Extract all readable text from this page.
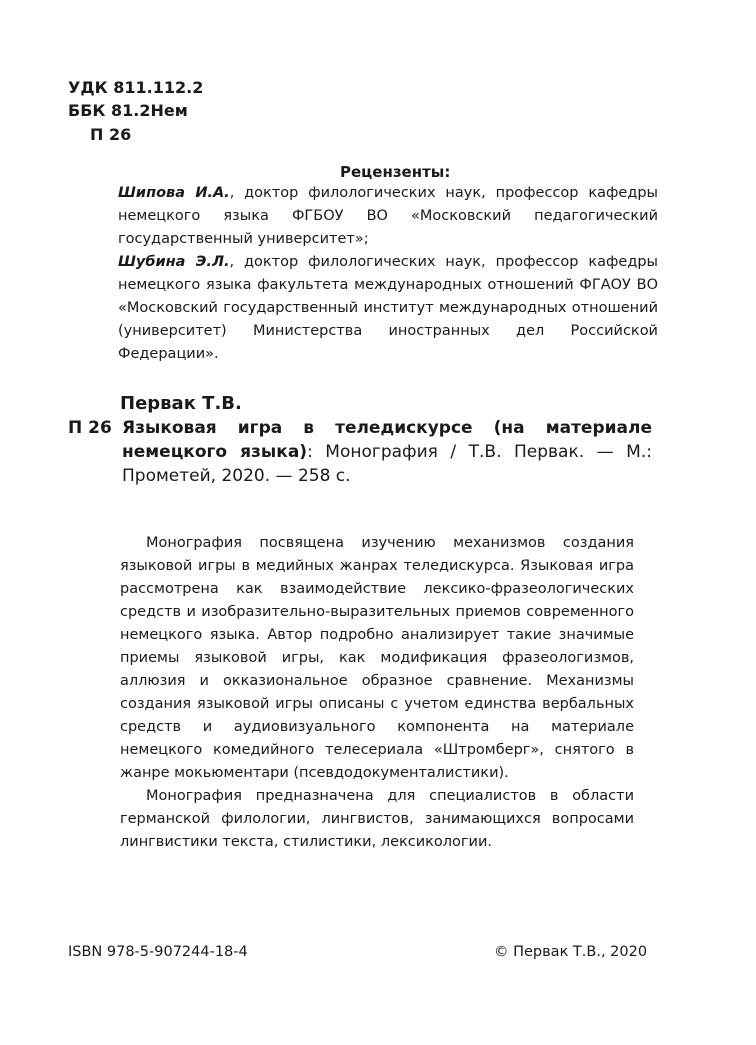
УДК 811.112.2
ББК 81.2Нем
П 26
Рецензенты:

Шипова И.А., доктор филологических наук, профессор кафедры немецкого языка ФГБОУ ВО «Московский педагогический государственный университет»;

Шубина Э.Л., доктор филологических наук, профессор кафедры немецкого языка факультета международных отношений ФГАОУ ВО «Московский государственный институт международных отношений (университет) Министерства иностранных дел Российской Федерации».

Первак Т.В.
П 26 Языковая игра в теледискурсе (на материале немецкого языка): Монография / Т.В. Первак. — М.: Прометей, 2020. — 258 с.

Монография посвящена изучению механизмов создания языковой игры в медийных жанрах теледискурса. Языковая игра рассмотрена как взаимодействие лексико-фразеологических средств и изобразительно-выразительных приемов современного немецкого языка. Автор подробно анализирует такие значимые приемы языковой игры, как модификация фразеологизмов, аллюзия и окказиональное образное сравнение. Механизмы создания языковой игры описаны с учетом единства вербальных средств и аудиовизуального компонента на материале немецкого комедийного телесериала «Штромберг», снятого в жанре мокьюментари (псевдодокументалистики).

Монография предназначена для специалистов в области германской филологии, лингвистов, занимающихся вопросами лингвистики текста, стилистики, лексикологии.

ISBN 978-5-907244-18-4	© Первак Т.В., 2020
